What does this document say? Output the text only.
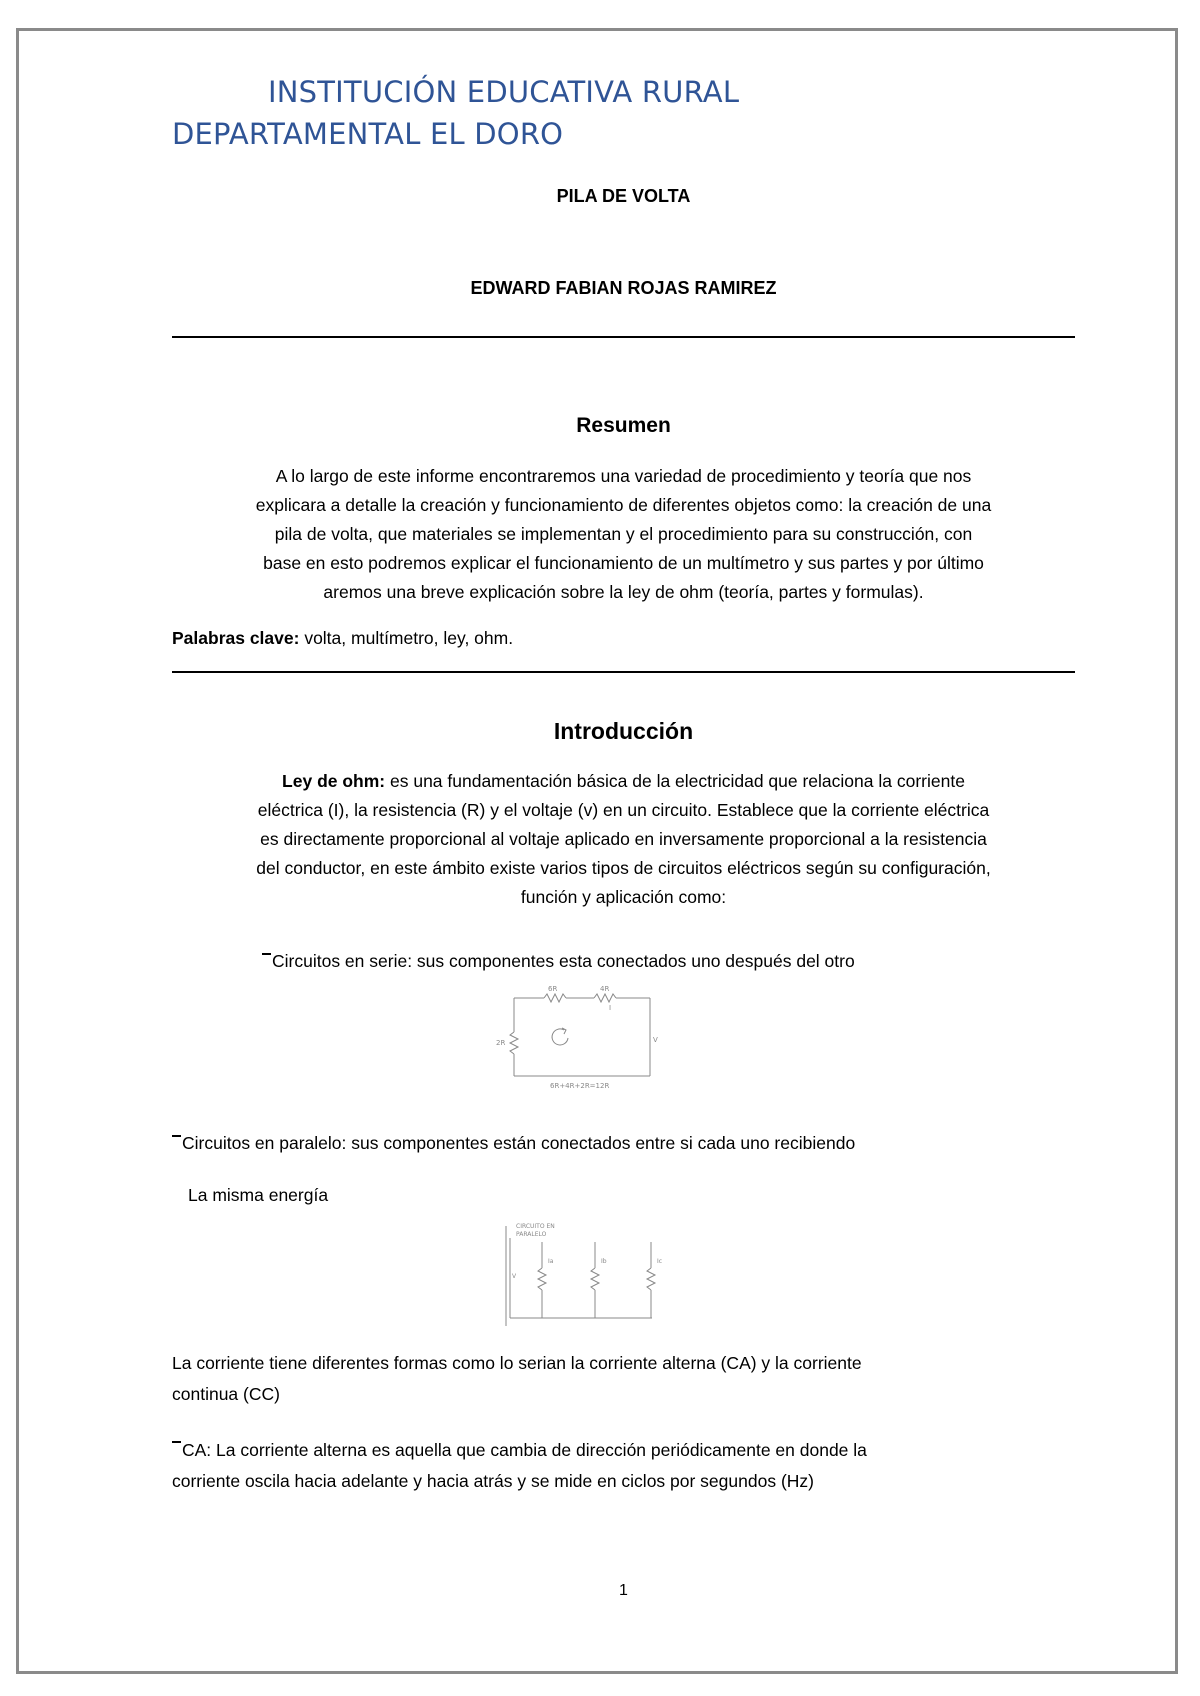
INSTITUCIÓN EDUCATIVA RURAL
DEPARTAMENTAL EL DORO
PILA DE VOLTA
EDWARD FABIAN ROJAS RAMIREZ
Resumen
A lo largo de este informe encontraremos una variedad de procedimiento y teoría que nos
explicara a detalle la creación y funcionamiento de diferentes objetos como: la creación de una
pila de volta, que materiales se implementan y el procedimiento para su construcción, con
base en esto podremos explicar el funcionamiento de un multímetro y sus partes y por último
aremos una breve explicación sobre la ley de ohm (teoría, partes y formulas).
Palabras clave: volta, multímetro, ley, ohm.
Introducción
Ley de ohm: es una fundamentación básica de la electricidad que relaciona la corriente
eléctrica (I), la resistencia (R) y el voltaje (v) en un circuito. Establece que la corriente eléctrica
es directamente proporcional al voltaje aplicado en inversamente proporcional a la resistencia
del conductor, en este ámbito existe varios tipos de circuitos eléctricos según su configuración,
función y aplicación como:
Circuitos en serie: sus componentes esta conectados uno después del otro
6R	4R
2R	V
I
6R+4R+2R=12R
Circuitos en paralelo: sus componentes están conectados entre si cada uno recibiendo
La misma energía
CIRCUITO EN
PARALELO
Ia	Ib	Ic
V
La corriente tiene diferentes formas como lo serian la corriente alterna (CA) y la corriente
continua (CC)
CA: La corriente alterna es aquella que cambia de dirección periódicamente en donde la
corriente oscila hacia adelante y hacia atrás y se mide en ciclos por segundos (Hz)
1
